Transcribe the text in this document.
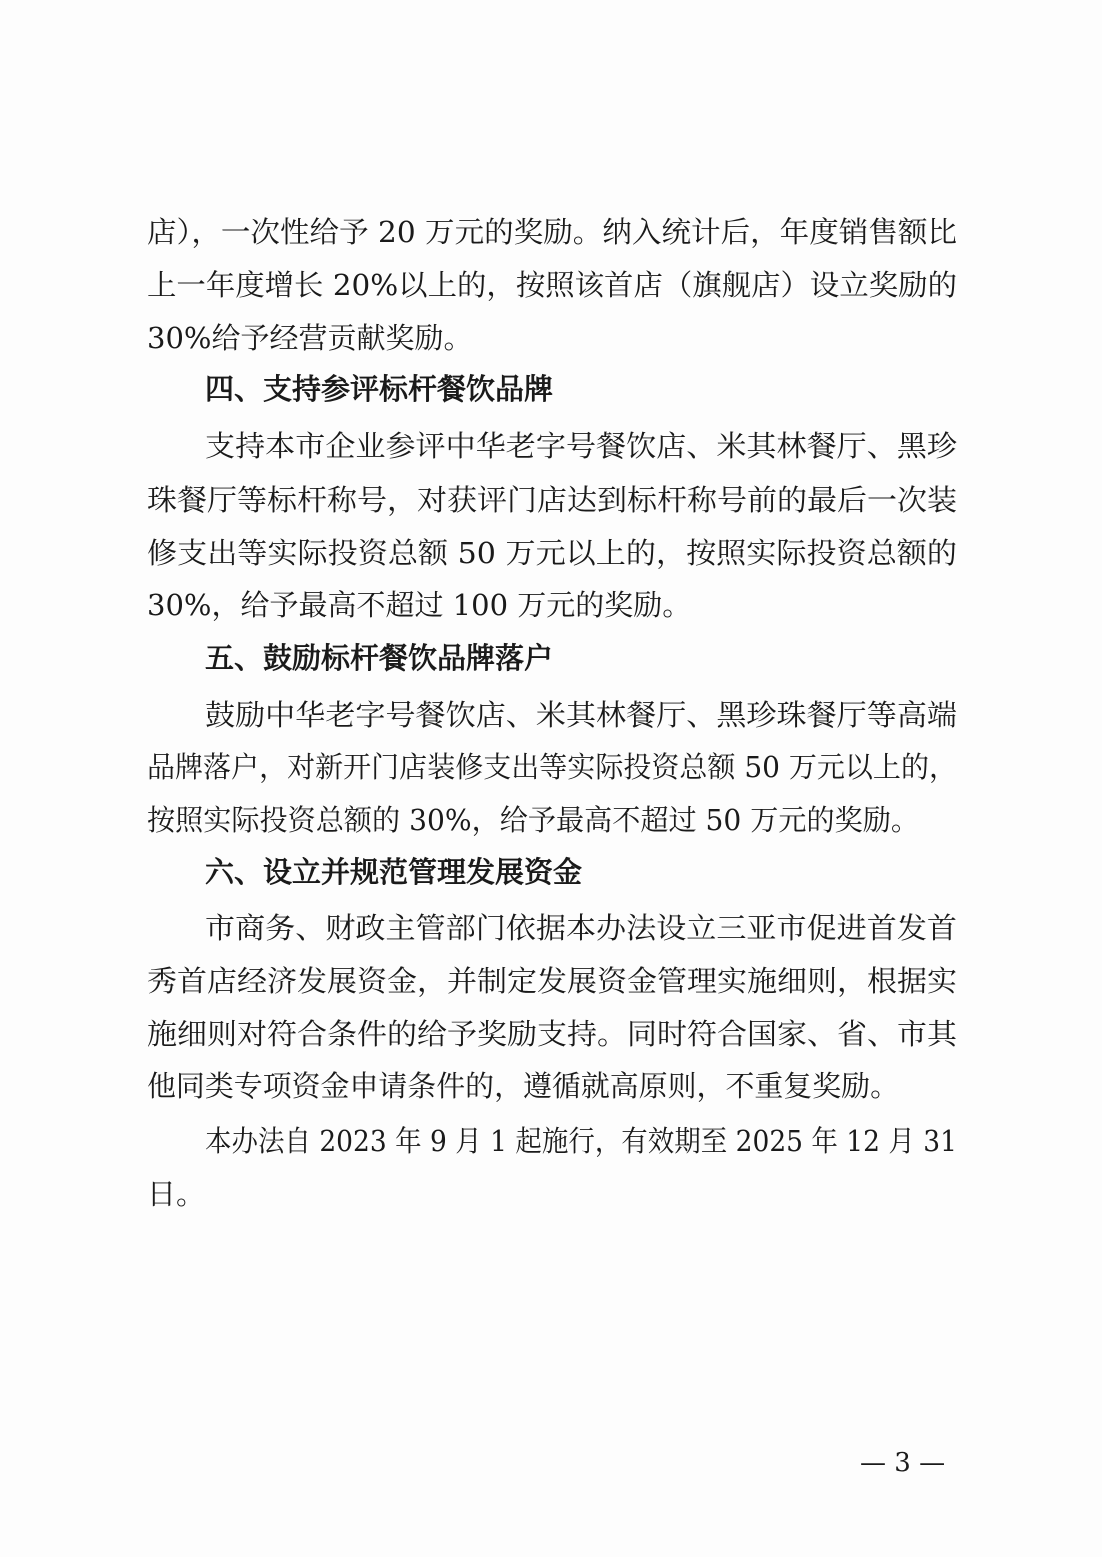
店），一次性给予 20 万元的奖励。纳入统计后，年度销售额比
上一年度增长 20%以上的，按照该首店（旗舰店）设立奖励的
30%给予经营贡献奖励。
四、支持参评标杆餐饮品牌
支持本市企业参评中华老字号餐饮店、米其林餐厅、黑珍
珠餐厅等标杆称号，对获评门店达到标杆称号前的最后一次装
修支出等实际投资总额 50 万元以上的，按照实际投资总额的
30%，给予最高不超过 100 万元的奖励。
五、鼓励标杆餐饮品牌落户
鼓励中华老字号餐饮店、米其林餐厅、黑珍珠餐厅等高端
品牌落户，对新开门店装修支出等实际投资总额 50 万元以上的，
按照实际投资总额的 30%，给予最高不超过 50 万元的奖励。
六、设立并规范管理发展资金
市商务、财政主管部门依据本办法设立三亚市促进首发首
秀首店经济发展资金，并制定发展资金管理实施细则，根据实
施细则对符合条件的给予奖励支持。同时符合国家、省、市其
他同类专项资金申请条件的，遵循就高原则，不重复奖励。
本办法自 2023 年 9 月 1 起施行，有效期至 2025 年 12 月 31
日。
— 3 —
